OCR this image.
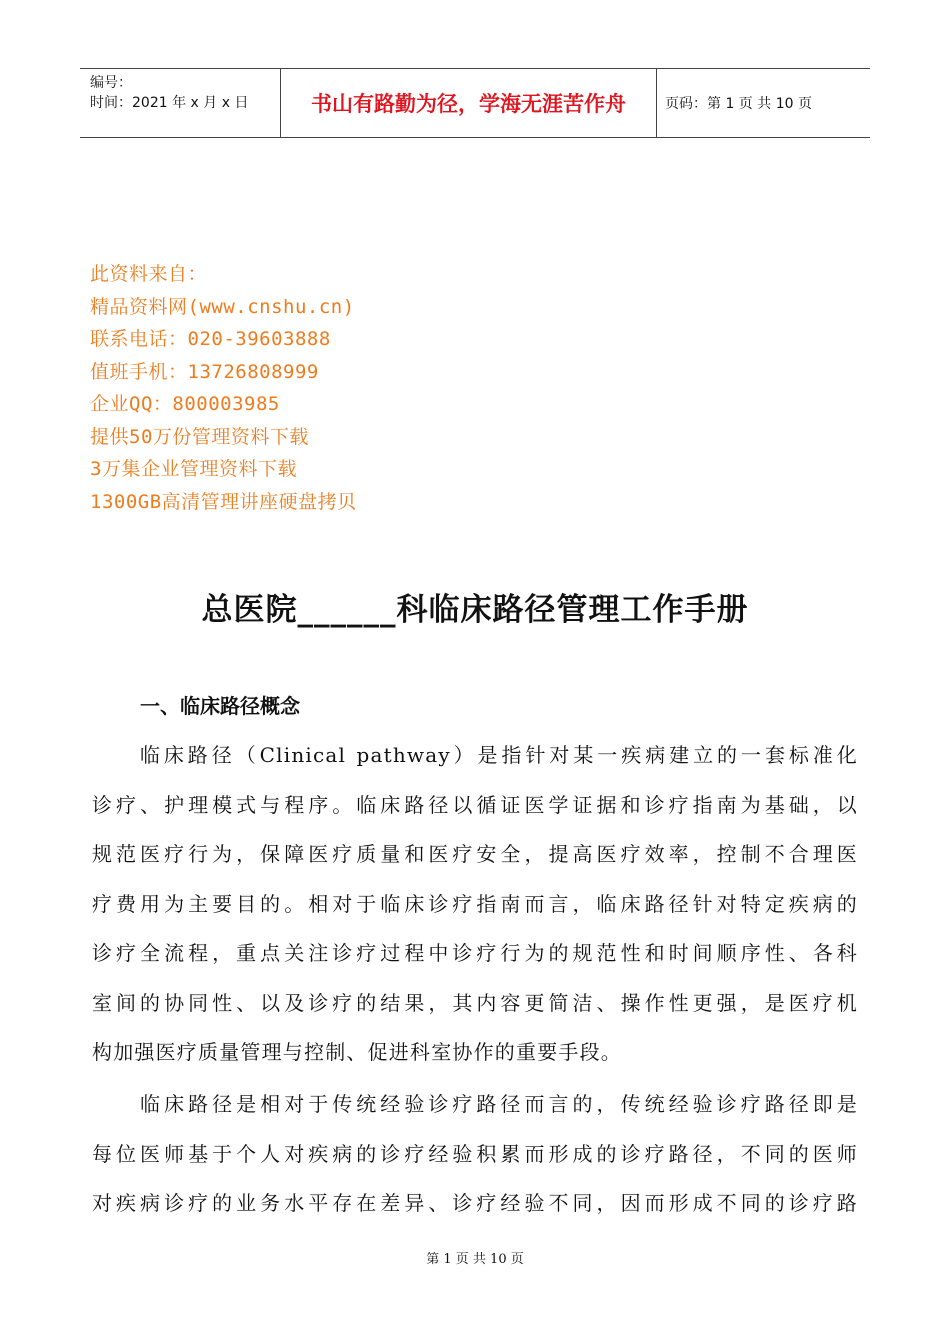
编号：
时间：2021 年 x 月 x 日	书山有路勤为径，学海无涯苦作舟	页码：第 1 页 共 10 页
此资料来自：
精品资料网(www.cnshu.cn)
联系电话：020-39603888
值班手机：13726808999
企业QQ：800003985
提供50万份管理资料下载
3万集企业管理资料下载
1300GB高清管理讲座硬盘拷贝
总医院______科临床路径管理工作手册
一、临床路径概念
　　临床路径（Clinical pathway）是指针对某一疾病建立的一套标准化
诊疗、护理模式与程序。临床路径以循证医学证据和诊疗指南为基础，以
规范医疗行为，保障医疗质量和医疗安全，提高医疗效率，控制不合理医
疗费用为主要目的。相对于临床诊疗指南而言，临床路径针对特定疾病的
诊疗全流程，重点关注诊疗过程中诊疗行为的规范性和时间顺序性、各科
室间的协同性、以及诊疗的结果，其内容更简洁、操作性更强，是医疗机
构加强医疗质量管理与控制、促进科室协作的重要手段。
　　临床路径是相对于传统经验诊疗路径而言的，传统经验诊疗路径即是
每位医师基于个人对疾病的诊疗经验积累而形成的诊疗路径，不同的医师
对疾病诊疗的业务水平存在差异、诊疗经验不同，因而形成不同的诊疗路
第 1 页 共 10 页
